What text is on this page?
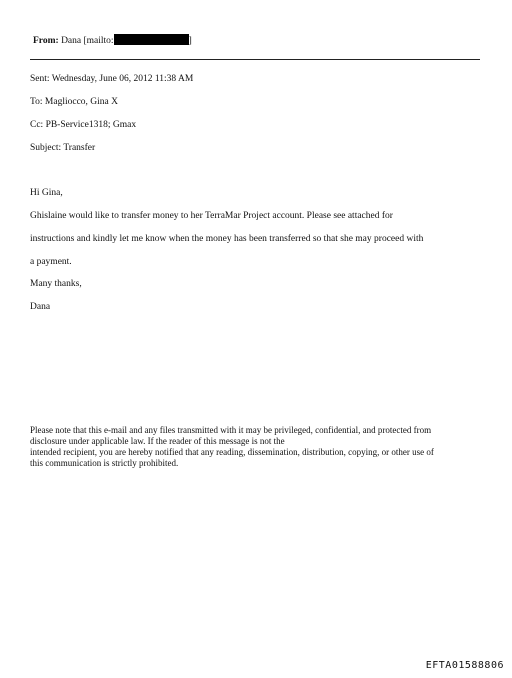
From: Dana [mailto:	]
Sent: Wednesday, June 06, 2012 11:38 AM
To: Magliocco, Gina X
Cc: PB-Service1318; Gmax
Subject: Transfer
Hi Gina,
Ghislaine would like to transfer money to her TerraMar Project account. Please see attached for
instructions and kindly let me know when the money has been transferred so that she may proceed with
a payment.
Many thanks,
Dana
Please note that this e-mail and any files transmitted with it may be privileged, confidential, and protected from
disclosure under applicable law. If the reader of this message is not the
intended recipient, you are hereby notified that any reading, dissemination, distribution, copying, or other use of
this communication is strictly prohibited.
EFTA01588806
